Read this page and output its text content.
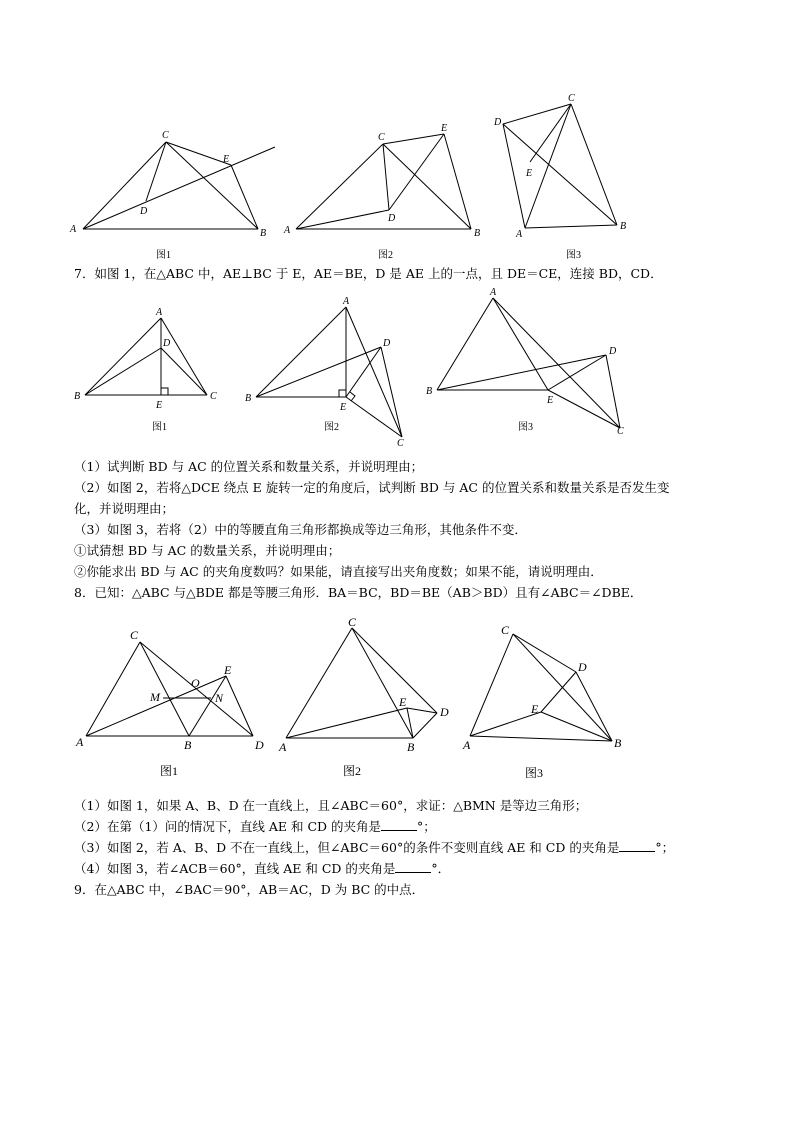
A	B
C
D
E
图1
A	B
C
D
E
图2
D
C
E
A
B
图3
7．如图 1，在△ABC 中，AE⊥BC 于 E，AE＝BE，D 是 AE 上的一点，且 DE＝CE，连接 BD，CD．
A
B	C
D
E
图1
A
B
D
E
C
图2
A
B
D
E
C
图3
（1）试判断 BD 与 AC 的位置关系和数量关系，并说明理由；
（2）如图 2，若将△DCE 绕点 E 旋转一定的角度后，试判断 BD 与 AC 的位置关系和数量关系是否发生变
化，并说明理由；
（3）如图 3，若将（2）中的等腰直角三角形都换成等边三角形，其他条件不变．
①试猜想 BD 与 AC 的数量关系，并说明理由；
②你能求出 BD 与 AC 的夹角度数吗？如果能，请直接写出夹角度数；如果不能，请说明理由．
8．已知：△ABC 与△BDE 都是等腰三角形．BA＝BC，BD＝BE（AB＞BD）且有∠ABC＝∠DBE．
A	B
C
D
E
M	N
O
图1
A	B
C
D
E
图2
A	B
C
D
E
图3
（1）如图 1，如果 A、B、D 在一直线上，且∠ABC＝60°，求证：△BMN 是等边三角形；
（2）在第（1）问的情况下，直线 AE 和 CD 的夹角是	°；
（3）如图 2，若 A、B、D 不在一直线上，但∠ABC＝60°的条件不变则直线 AE 和 CD 的夹角是	°；
（4）如图 3，若∠ACB＝60°，直线 AE 和 CD 的夹角是	°．
9．在△ABC 中，∠BAC＝90°，AB＝AC，D 为 BC 的中点．
